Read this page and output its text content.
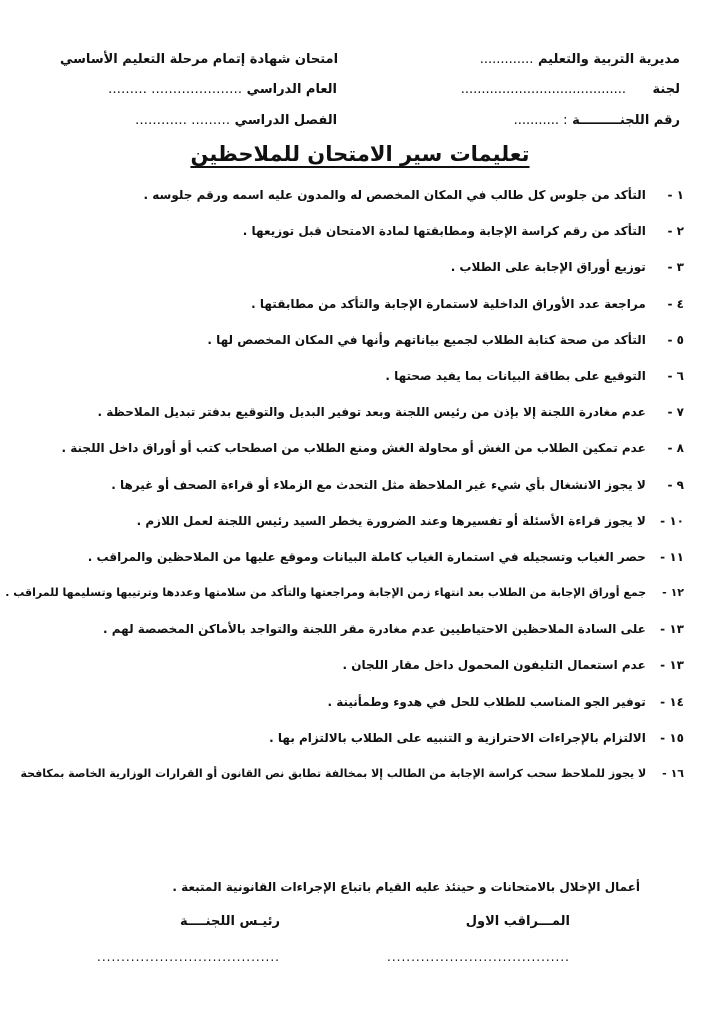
مديرية التربية والتعليم .............
امتحان شهادة إتمام مرحلة التعليم الأساسي
لجنة ........................................
العام الدراسي ………………… ………
رقم اللجنـــــــــة : ...........
الفصل الدراسي ……… …………
تعليمات سير الامتحان للملاحظين
١ - التأكد من جلوس كل طالب في المكان المخصص له والمدون عليه اسمه ورقم جلوسه .
٢ - التأكد من رقم كراسة الإجابة ومطابقتها لمادة الامتحان قبل توزيعها .
٣ - توزيع أوراق الإجابة على الطلاب .
٤ - مراجعة عدد الأوراق الداخلية لاستمارة الإجابة والتأكد من مطابقتها .
٥ - التأكد من صحة كتابة الطلاب لجميع بياناتهم وأنها في المكان المخصص لها .
٦ - التوقيع على بطاقة البيانات بما يفيد صحتها .
٧ - عدم مغادرة اللجنة إلا بإذن من رئيس اللجنة وبعد توفير البديل والتوقيع بدفتر تبديل الملاحظة .
٨ - عدم تمكين الطلاب من الغش أو محاولة الغش ومنع الطلاب من اصطحاب كتب أو أوراق داخل اللجنة .
٩ - لا يجوز الانشغال بأي شيء غير الملاحظة مثل التحدث مع الزملاء أو قراءة الصحف أو غيرها .
١٠ - لا يجوز قراءة الأسئلة أو تفسيرها وعند الضرورة يخطر السيد رئيس اللجنة لعمل اللازم .
١١ - حصر الغياب وتسجيله في استمارة الغياب كاملة البيانات وموقع عليها من الملاحظين والمراقب .
١٢ - جمع أوراق الإجابة من الطلاب بعد انتهاء زمن الإجابة ومراجعتها والتأكد من سلامتها وعددها وترتيبها وتسليمها للمراقب .
١٣ - على السادة الملاحظين الاحتياطيين عدم مغادرة مقر اللجنة والتواجد بالأماكن المخصصة لهم .
١٣ - عدم استعمال التليفون المحمول داخل مقار اللجان .
١٤ - توفير الجو المناسب للطلاب للحل في هدوء وطمأنينة .
١٥ - الالتزام بالإجراءات الاحترازية و التنبيه على الطلاب بالالتزام بها .
١٦ - لا يجوز للملاحظ سحب كراسة الإجابة من الطالب إلا بمخالفة تطابق نص القانون أو القرارات الوزارية الخاصة بمكافحة
أعمال الإخلال بالامتحانات و حينئذ عليه القيام باتباع الإجراءات القانونية المتبعة .
المـــراقب الاول
رئيـس اللجنــــة
......................................
......................................
